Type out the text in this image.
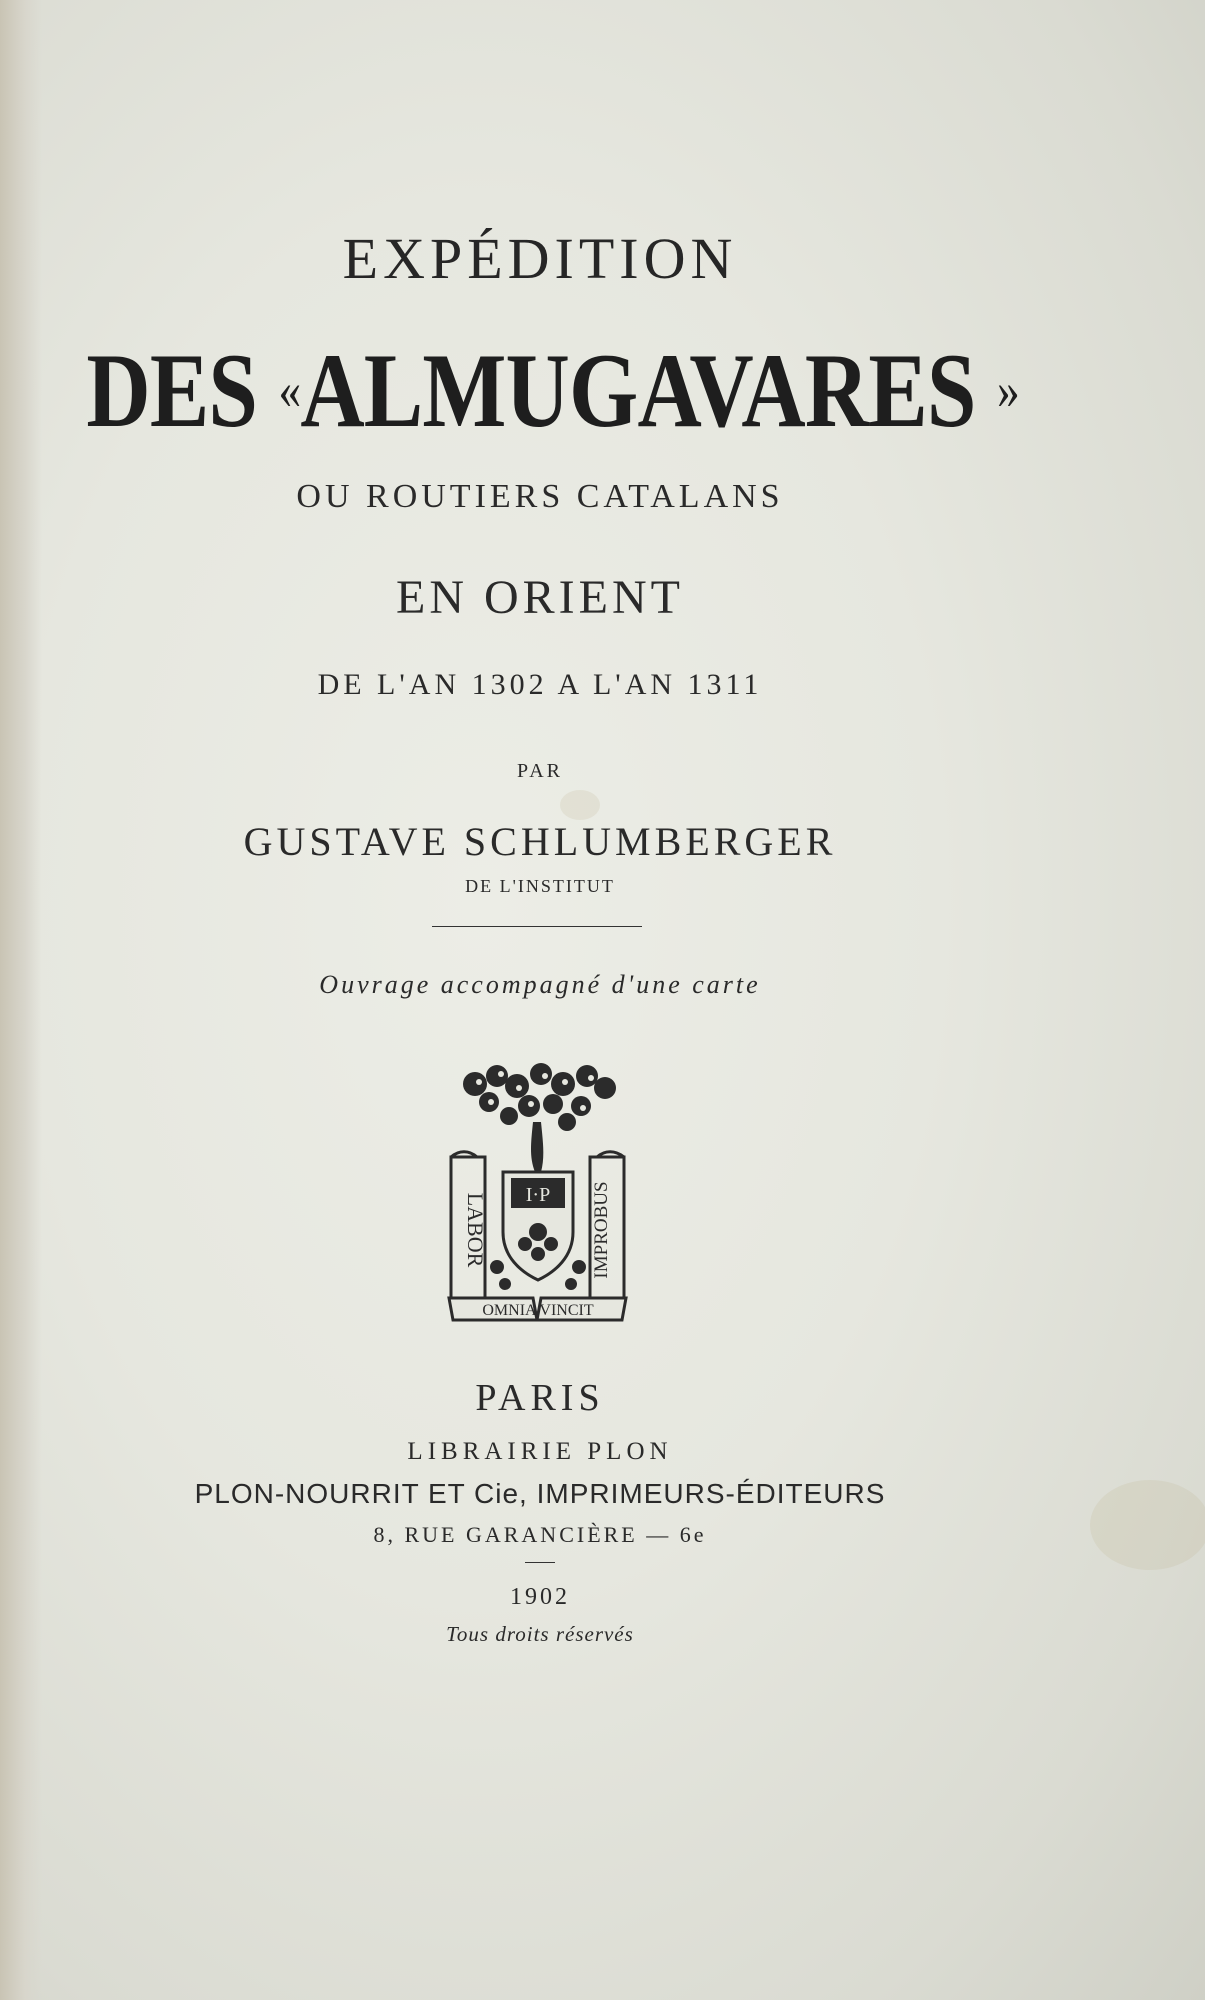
EXPÉDITION
DES «ALMUGAVARES »
OU ROUTIERS CATALANS
EN ORIENT
DE L'AN 1302 A L'AN 1311
PAR
GUSTAVE SCHLUMBERGER
DE L'INSTITUT
Ouvrage accompagné d'une carte
LABOR	IMPROBUS
I·P
OMNIA VINCIT
PARIS
LIBRAIRIE PLON
PLON-NOURRIT ET Cie, IMPRIMEURS-ÉDITEURS
8, RUE GARANCIÈRE — 6e
1902
Tous droits réservés
